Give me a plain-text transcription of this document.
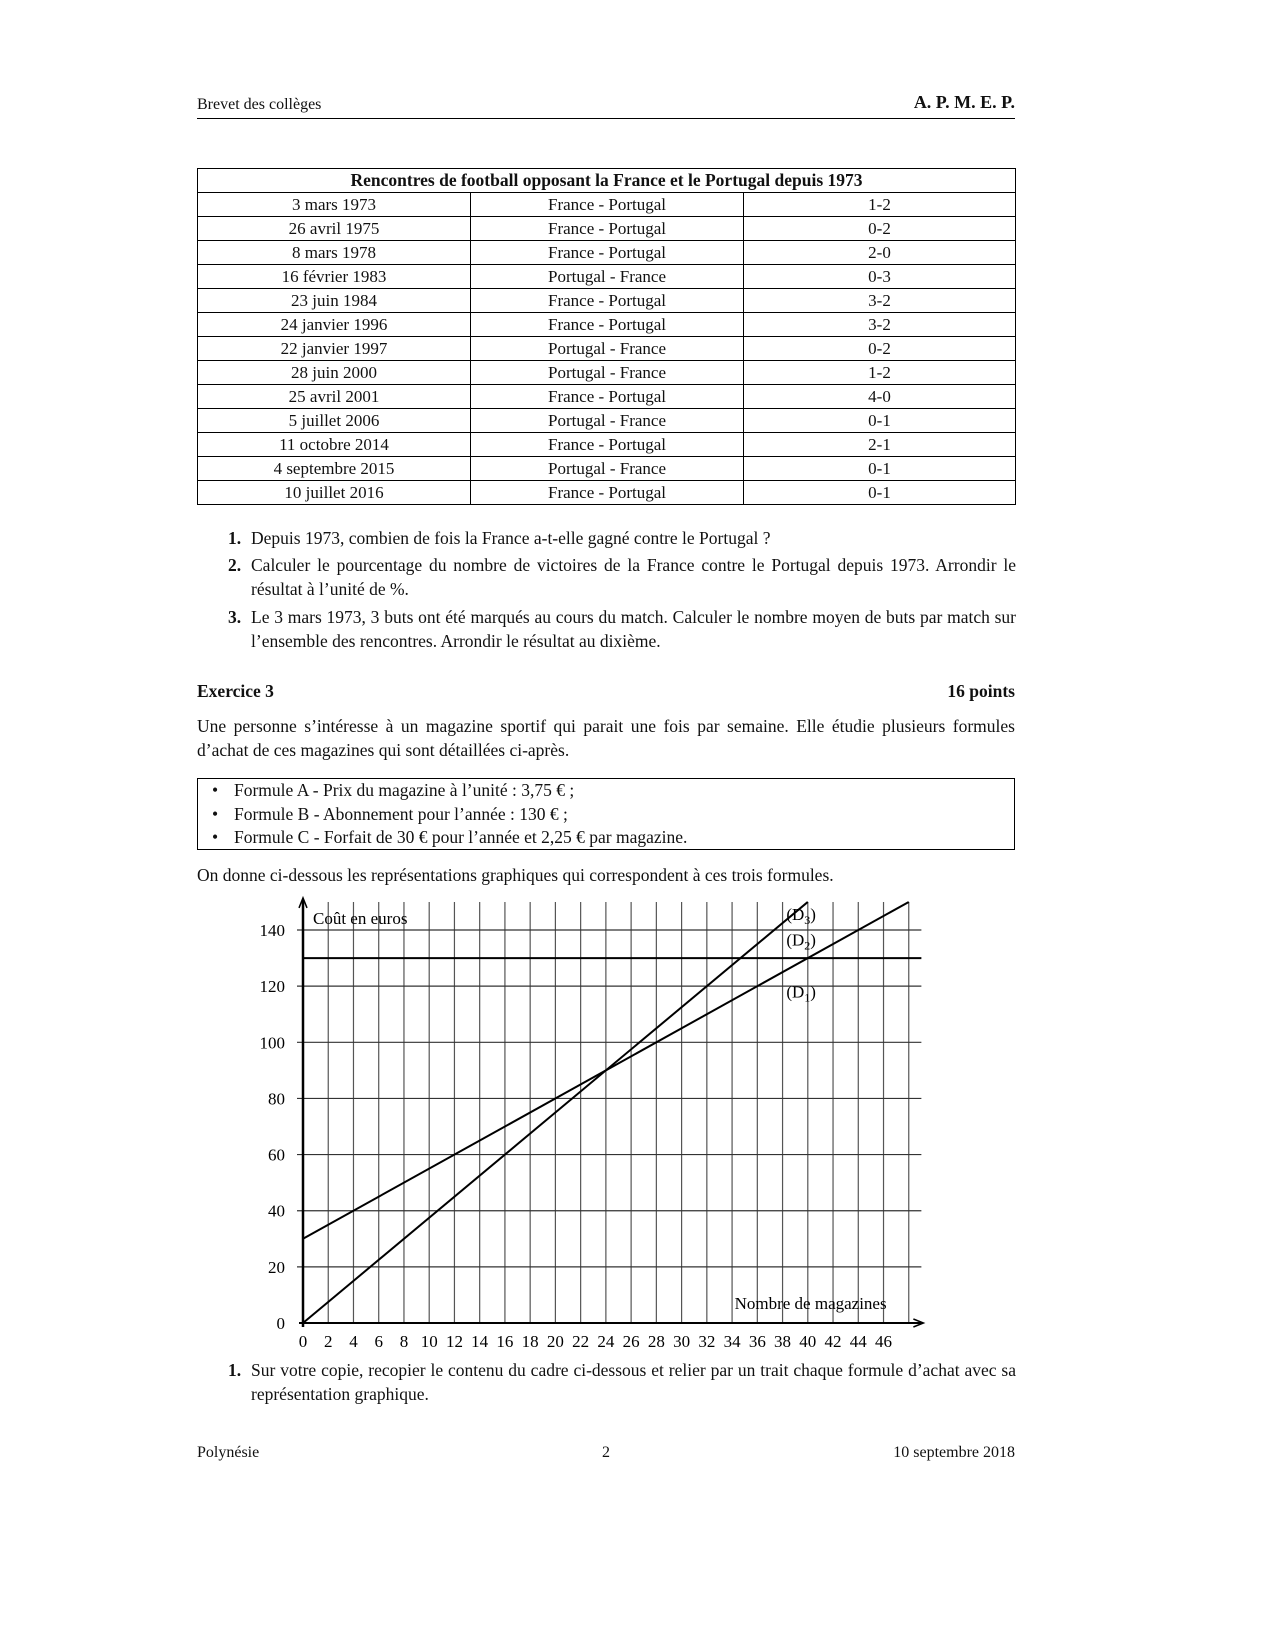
Brevet des collèges	A. P. M. E. P.
Rencontres de football opposant la France et le Portugal depuis 1973		
3 mars 1973	France - Portugal	1-2
26 avril 1975	France - Portugal	0-2
8 mars 1978	France - Portugal	2-0
16 février 1983	Portugal - France	0-3
23 juin 1984	France - Portugal	3-2
24 janvier 1996	France - Portugal	3-2
22 janvier 1997	Portugal - France	0-2
28 juin 2000	Portugal - France	1-2
25 avril 2001	France - Portugal	4-0
5 juillet 2006	Portugal - France	0-1
11 octobre 2014	France - Portugal	2-1
4 septembre 2015	Portugal - France	0-1
10 juillet 2016	France - Portugal	0-1
1. Depuis 1973, combien de fois la France a-t-elle gagné contre le Portugal ?
2. Calculer le pourcentage du nombre de victoires de la France contre le Portugal depuis 1973. Arrondir le résultat à l’unité de %.
3. Le 3 mars 1973, 3 buts ont été marqués au cours du match. Calculer le nombre moyen de buts par match sur l’ensemble des rencontres. Arrondir le résultat au dixième.
Exercice 3	16 points
Une personne s’intéresse à un magazine sportif qui parait une fois par semaine. Elle étudie plusieurs formules d’achat de ces magazines qui sont détaillées ci-après.
• Formule A - Prix du magazine à l’unité : 3,75 € ;
• Formule B - Abonnement pour l’année : 130 € ;
• Formule C - Forfait de 30 € pour l’année et 2,25 € par magazine.
On donne ci-dessous les représentations graphiques qui correspondent à ces trois formules.
0
20
40
60
80
100
120
140
0 2 4 6 8 10 12 14 16 18 20 22 24 26 28 30 32 34 36 38 40 42 44 46
Coût en euros
Nombre de magazines
$(D_3)$
$(D_2)$
$(D_1)$
1. Sur votre copie, recopier le contenu du cadre ci-dessous et relier par un trait chaque formule d’achat avec sa représentation graphique.
Polynésie	2	10 septembre 2018
